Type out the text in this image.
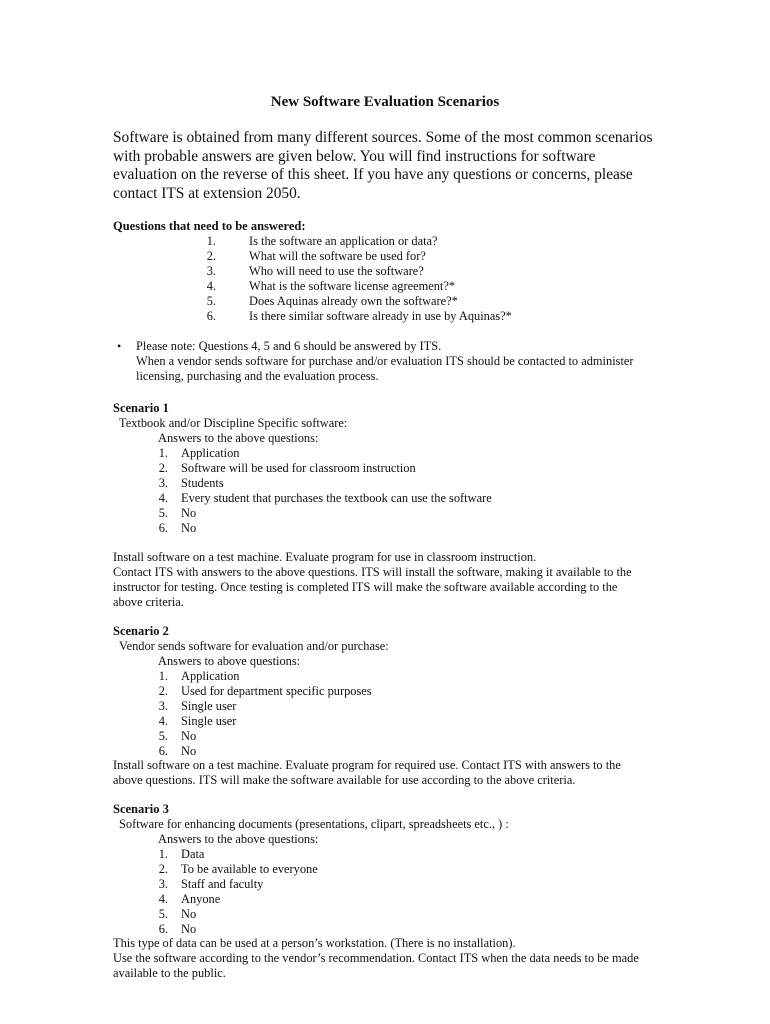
New Software Evaluation Scenarios
Software is obtained from many different sources. Some of the most common scenarios
with probable answers are given below. You will find instructions for software
evaluation on the reverse of this sheet. If you have any questions or concerns, please
contact ITS at extension 2050.
Questions that need to be answered:
1.	Is the software an application or data?
2.	What will the software be used for?
3.	Who will need to use the software?
4.	What is the software license agreement?*
5.	Does Aquinas already own the software?*
6.	Is there similar software already in use by Aquinas?*
• Please note: Questions 4, 5 and 6 should be answered by ITS.
When a vendor sends software for purchase and/or evaluation ITS should be contacted to administer
licensing, purchasing and the evaluation process.
Scenario 1
Textbook and/or Discipline Specific software:
Answers to the above questions:
1. Application
2. Software will be used for classroom instruction
3. Students
4. Every student that purchases the textbook can use the software
5. No
6. No
Install software on a test machine. Evaluate program for use in classroom instruction.
Contact ITS with answers to the above questions. ITS will install the software, making it available to the
instructor for testing. Once testing is completed ITS will make the software available according to the
above criteria.
Scenario 2
Vendor sends software for evaluation and/or purchase:
Answers to above questions:
1. Application
2. Used for department specific purposes
3. Single user
4. Single user
5. No
6. No
Install software on a test machine. Evaluate program for required use. Contact ITS with answers to the
above questions. ITS will make the software available for use according to the above criteria.
Scenario 3
Software for enhancing documents (presentations, clipart, spreadsheets etc., ) :
Answers to the above questions:
1. Data
2. To be available to everyone
3. Staff and faculty
4. Anyone
5. No
6. No
This type of data can be used at a person’s workstation. (There is no installation).
Use the software according to the vendor’s recommendation. Contact ITS when the data needs to be made
available to the public.
